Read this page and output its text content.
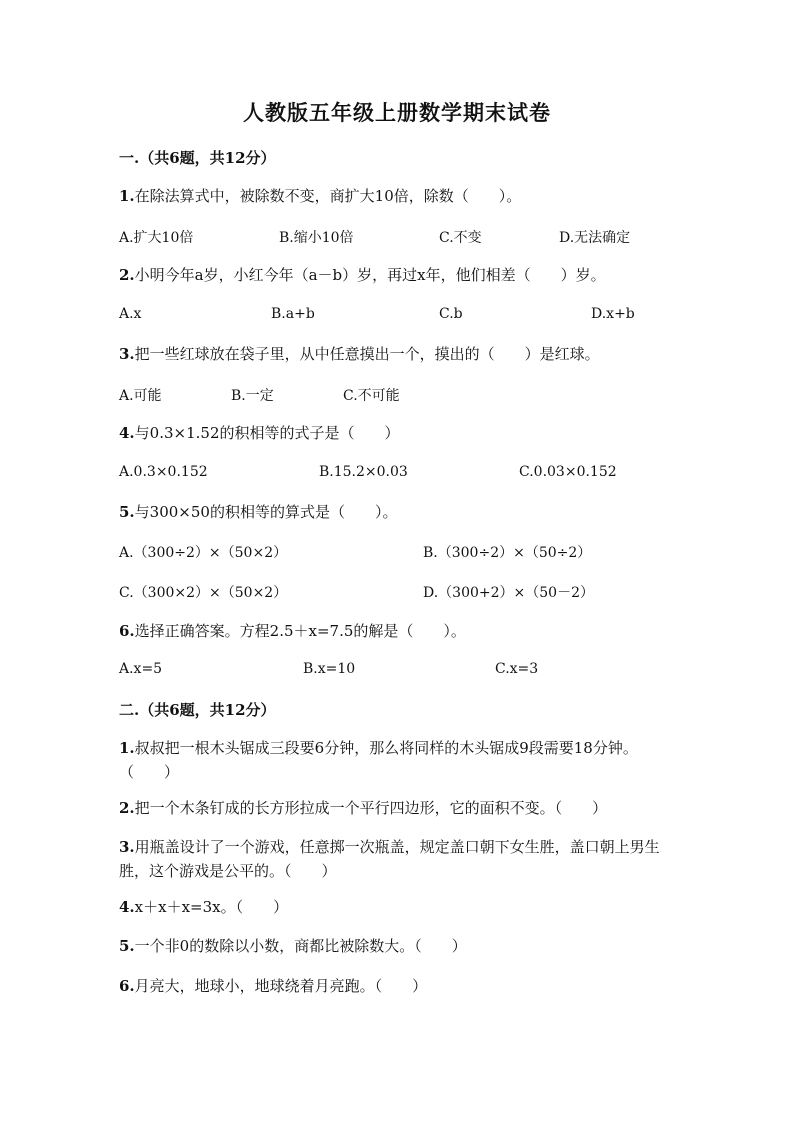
人教版五年级上册数学期末试卷

一.（共6题，共12分）

1.在除法算式中，被除数不变，商扩大10倍，除数（　　）。

A.扩大10倍	B.缩小10倍	C.不变	D.无法确定

2.小明今年a岁，小红今年（a－b）岁，再过x年，他们相差（　　）岁。

A.x	B.a+b	C.b	D.x+b

3.把一些红球放在袋子里，从中任意摸出一个，摸出的（　　）是红球。

A.可能	B.一定	C.不可能

4.与0.3×1.52的积相等的式子是（　　）

A.0.3×0.152	B.15.2×0.03	C.0.03×0.152

5.与300×50的积相等的算式是（　　）。

A.（300÷2）×（50×2）	B.（300÷2）×（50÷2）
C.（300×2）×（50×2）	D.（300+2）×（50－2）

6.选择正确答案。方程2.5＋x=7.5的解是（　　）。

A.x=5	B.x=10	C.x=3

二.（共6题，共12分）

1.叔叔把一根木头锯成三段要6分钟，那么将同样的木头锯成9段需要18分钟。（　　）

2.把一个木条钉成的长方形拉成一个平行四边形，它的面积不变。（　　）

3.用瓶盖设计了一个游戏，任意掷一次瓶盖，规定盖口朝下女生胜，盖口朝上男生胜，这个游戏是公平的。（　　）

4.x＋x＋x=3x。（　　）

5.一个非0的数除以小数，商都比被除数大。（　　）

6.月亮大，地球小，地球绕着月亮跑。（　　）
